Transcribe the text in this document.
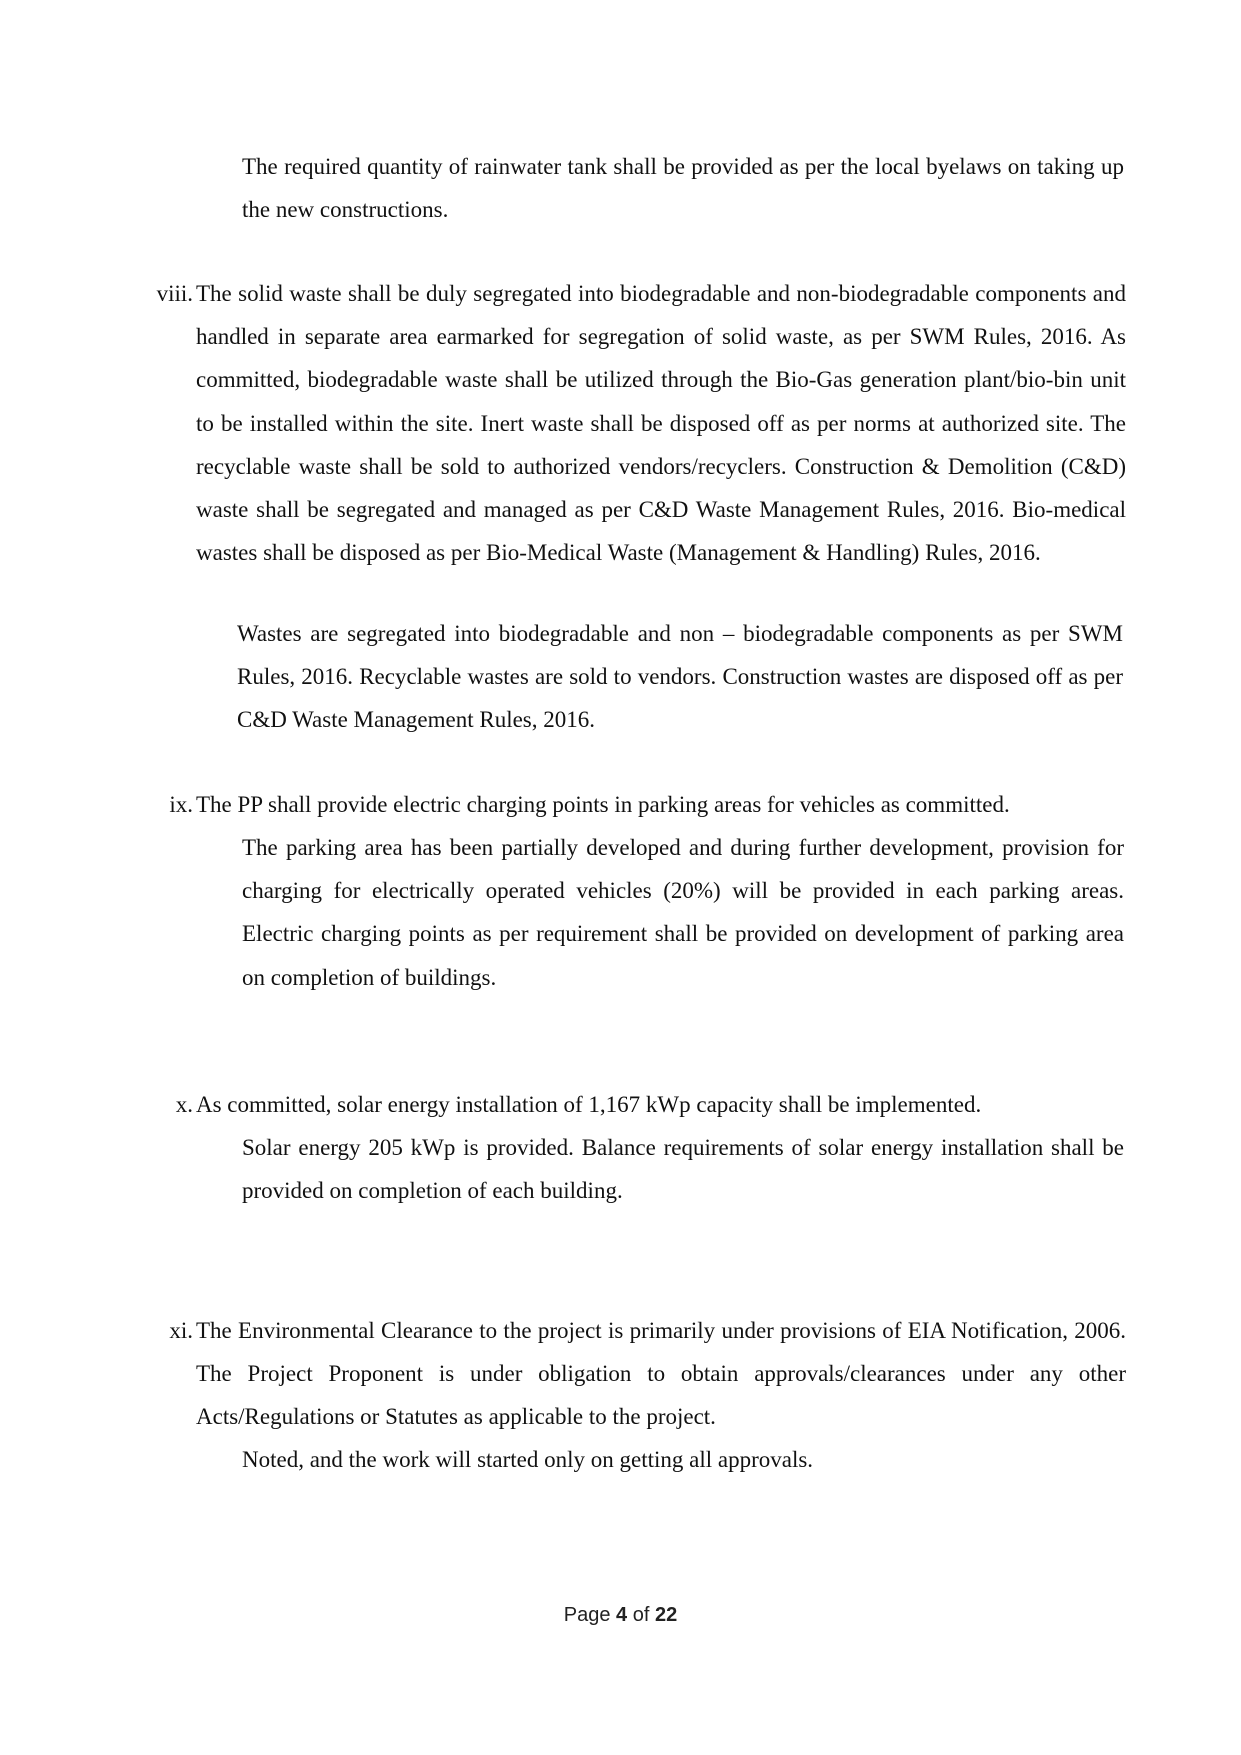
The required quantity of rainwater tank shall be provided as per the local byelaws on taking up the new constructions.

viii. The solid waste shall be duly segregated into biodegradable and non-biodegradable components and handled in separate area earmarked for segregation of solid waste, as per SWM Rules, 2016. As committed, biodegradable waste shall be utilized through the Bio-Gas generation plant/bio-bin unit to be installed within the site. Inert waste shall be disposed off as per norms at authorized site. The recyclable waste shall be sold to authorized vendors/recyclers. Construction & Demolition (C&D) waste shall be segregated and managed as per C&D Waste Management Rules, 2016. Bio-medical wastes shall be disposed as per Bio-Medical Waste (Management & Handling) Rules, 2016.

Wastes are segregated into biodegradable and non – biodegradable components as per SWM Rules, 2016. Recyclable wastes are sold to vendors. Construction wastes are disposed off as per C&D Waste Management Rules, 2016.

ix. The PP shall provide electric charging points in parking areas for vehicles as committed.

The parking area has been partially developed and during further development, provision for charging for electrically operated vehicles (20%) will be provided in each parking areas. Electric charging points as per requirement shall be provided on development of parking area on completion of buildings.

x. As committed, solar energy installation of 1,167 kWp capacity shall be implemented.

Solar energy 205 kWp is provided. Balance requirements of solar energy installation shall be provided on completion of each building.

xi. The Environmental Clearance to the project is primarily under provisions of EIA Notification, 2006. The Project Proponent is under obligation to obtain approvals/clearances under any other Acts/Regulations or Statutes as applicable to the project.

Noted, and the work will started only on getting all approvals.

Page 4 of 22
